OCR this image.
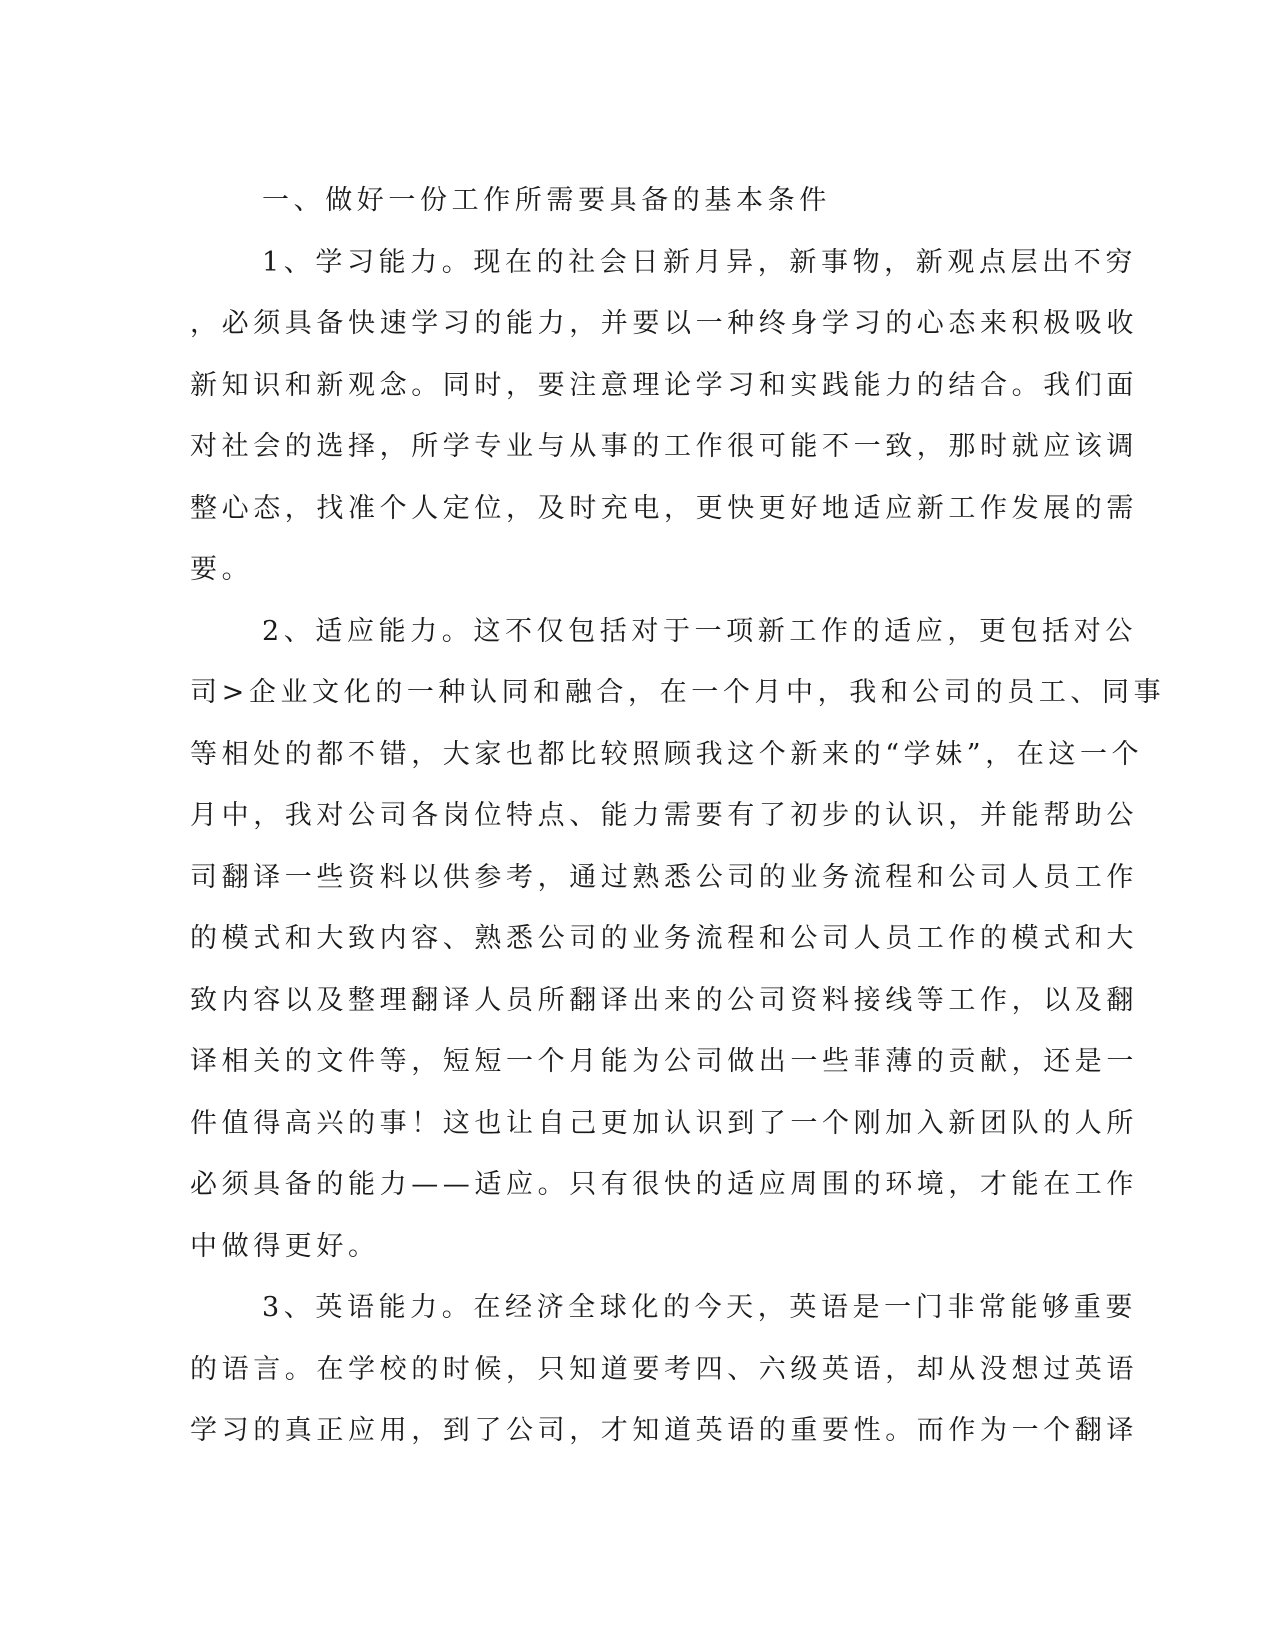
一、做好一份工作所需要具备的基本条件
1、学习能力。现在的社会日新月异，新事物，新观点层出不穷
，必须具备快速学习的能力，并要以一种终身学习的心态来积极吸收
新知识和新观念。同时，要注意理论学习和实践能力的结合。我们面
对社会的选择，所学专业与从事的工作很可能不一致，那时就应该调
整心态，找准个人定位，及时充电，更快更好地适应新工作发展的需
要。
2、适应能力。这不仅包括对于一项新工作的适应，更包括对公
司>企业文化的一种认同和融合，在一个月中，我和公司的员工、同事
等相处的都不错，大家也都比较照顾我这个新来的“学妹”，在这一个
月中，我对公司各岗位特点、能力需要有了初步的认识，并能帮助公
司翻译一些资料以供参考，通过熟悉公司的业务流程和公司人员工作
的模式和大致内容、熟悉公司的业务流程和公司人员工作的模式和大
致内容以及整理翻译人员所翻译出来的公司资料接线等工作，以及翻
译相关的文件等，短短一个月能为公司做出一些菲薄的贡献，还是一
件值得高兴的事！这也让自己更加认识到了一个刚加入新团队的人所
必须具备的能力——适应。只有很快的适应周围的环境，才能在工作
中做得更好。
3、英语能力。在经济全球化的今天，英语是一门非常能够重要
的语言。在学校的时候，只知道要考四、六级英语，却从没想过英语
学习的真正应用，到了公司，才知道英语的重要性。而作为一个翻译
